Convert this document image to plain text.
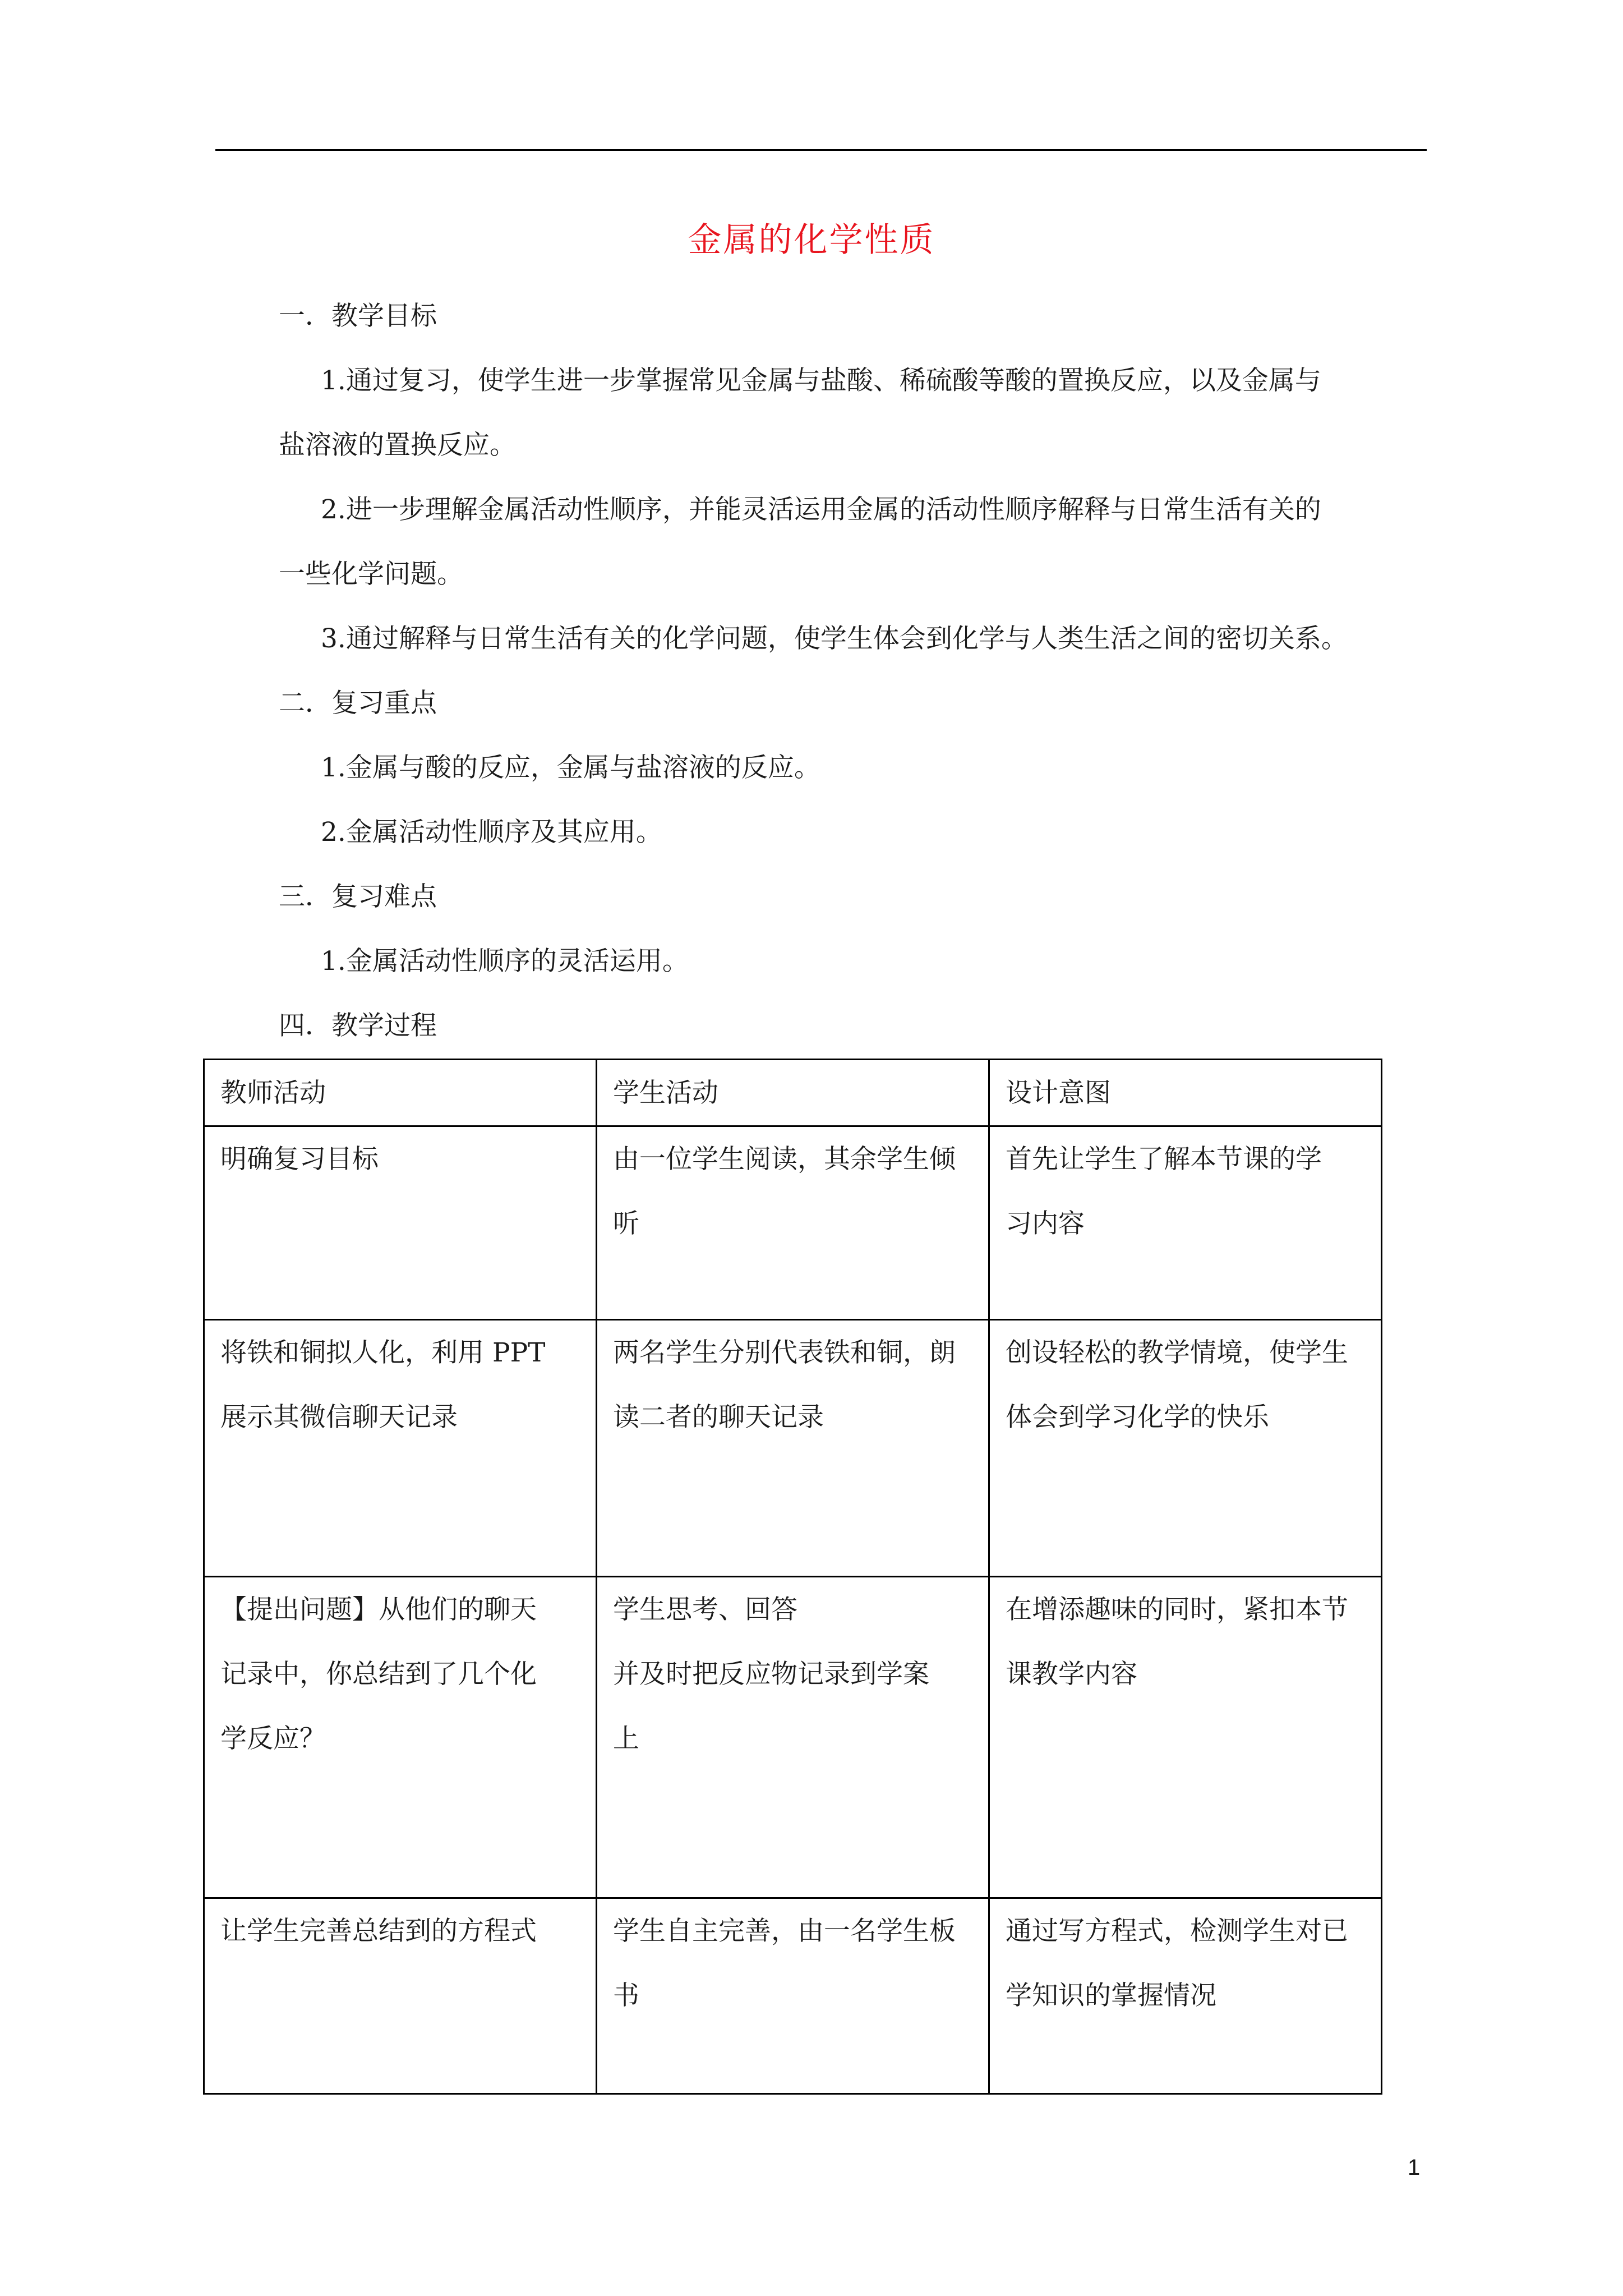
金属的化学性质
一．教学目标
1.通过复习，使学生进一步掌握常见金属与盐酸、稀硫酸等酸的置换反应，以及金属与
盐溶液的置换反应。
2.进一步理解金属活动性顺序，并能灵活运用金属的活动性顺序解释与日常生活有关的
一些化学问题。
3.通过解释与日常生活有关的化学问题，使学生体会到化学与人类生活之间的密切关系。
二．复习重点
1.金属与酸的反应，金属与盐溶液的反应。
2.金属活动性顺序及其应用。
三．复习难点
1.金属活动性顺序的灵活运用。
四．教学过程
教师活动	学生活动	设计意图

明确复习目标	由一位学生阅读，其余学生倾
听	首先让学生了解本节课的学
习内容

将铁和铜拟人化，利用 PPT
展示其微信聊天记录	两名学生分别代表铁和铜，朗
读二者的聊天记录	创设轻松的教学情境，使学生
体会到学习化学的快乐

【提出问题】从他们的聊天
记录中，你总结到了几个化
学反应？	学生思考、回答
并及时把反应物记录到学案
上	在增添趣味的同时，紧扣本节
课教学内容

让学生完善总结到的方程式	学生自主完善，由一名学生板
书	通过写方程式，检测学生对已
学知识的掌握情况
1
